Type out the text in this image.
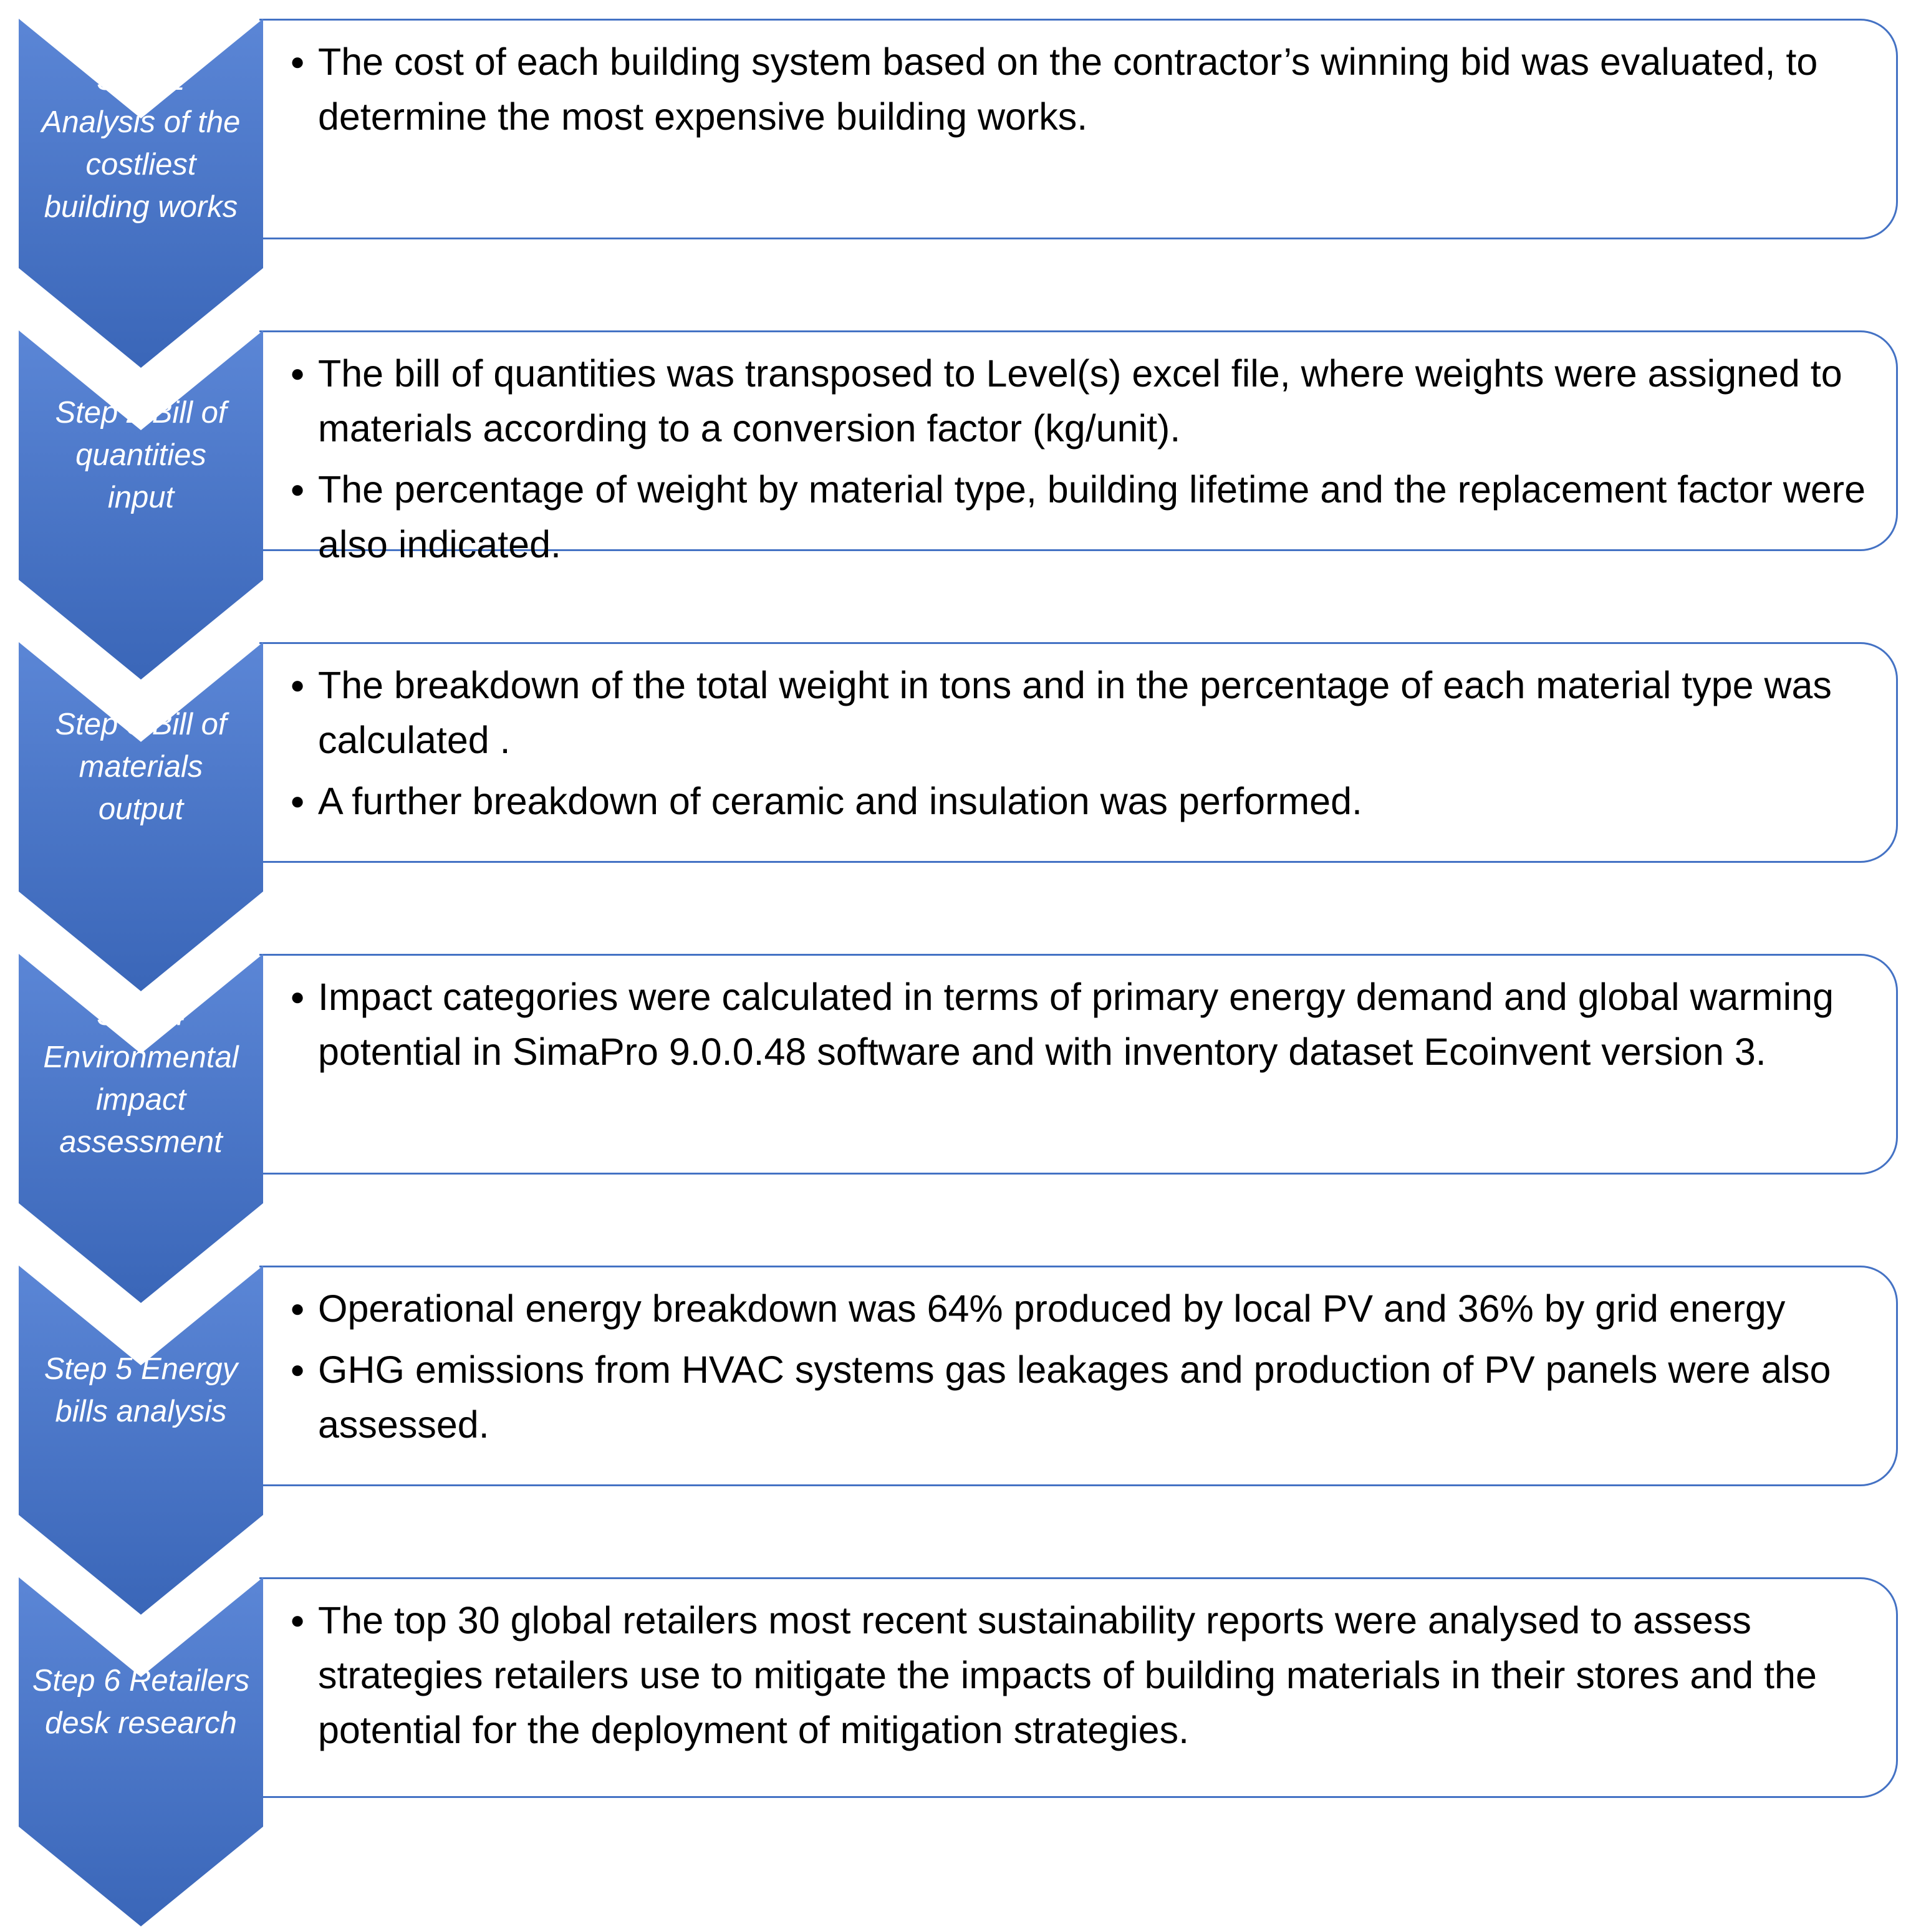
● The cost of each building system based on the contractor’s winning bid was evaluated, to determine the most expensive building works.
Step 1
Analysis of the
costliest
building works
● The bill of quantities was transposed to Level(s) excel file, where weights were assigned to materials according to a conversion factor (kg/unit).
● The percentage of weight by material type, building lifetime and the replacement factor were also indicated.
Step 2 Bill of
quantities
input
● The breakdown of the total weight in tons and in the percentage of each material type was calculated .
● A further breakdown of ceramic and insulation was performed.
Step 3 Bill of
materials
output
● Impact categories were calculated in terms of primary energy demand and global warming potential in SimaPro 9.0.0.48 software and with inventory dataset Ecoinvent version 3.
Step 4
Environmental
impact
assessment
● Operational energy breakdown was 64% produced by local PV and 36% by grid energy
● GHG emissions from HVAC systems gas leakages and production of PV panels were also assessed.
Step 5 Energy
bills analysis
● The top 30 global retailers most recent sustainability reports were analysed to assess strategies retailers use to mitigate the impacts of building materials in their stores and the potential for the deployment of mitigation strategies.
Step 6 Retailers
desk research
